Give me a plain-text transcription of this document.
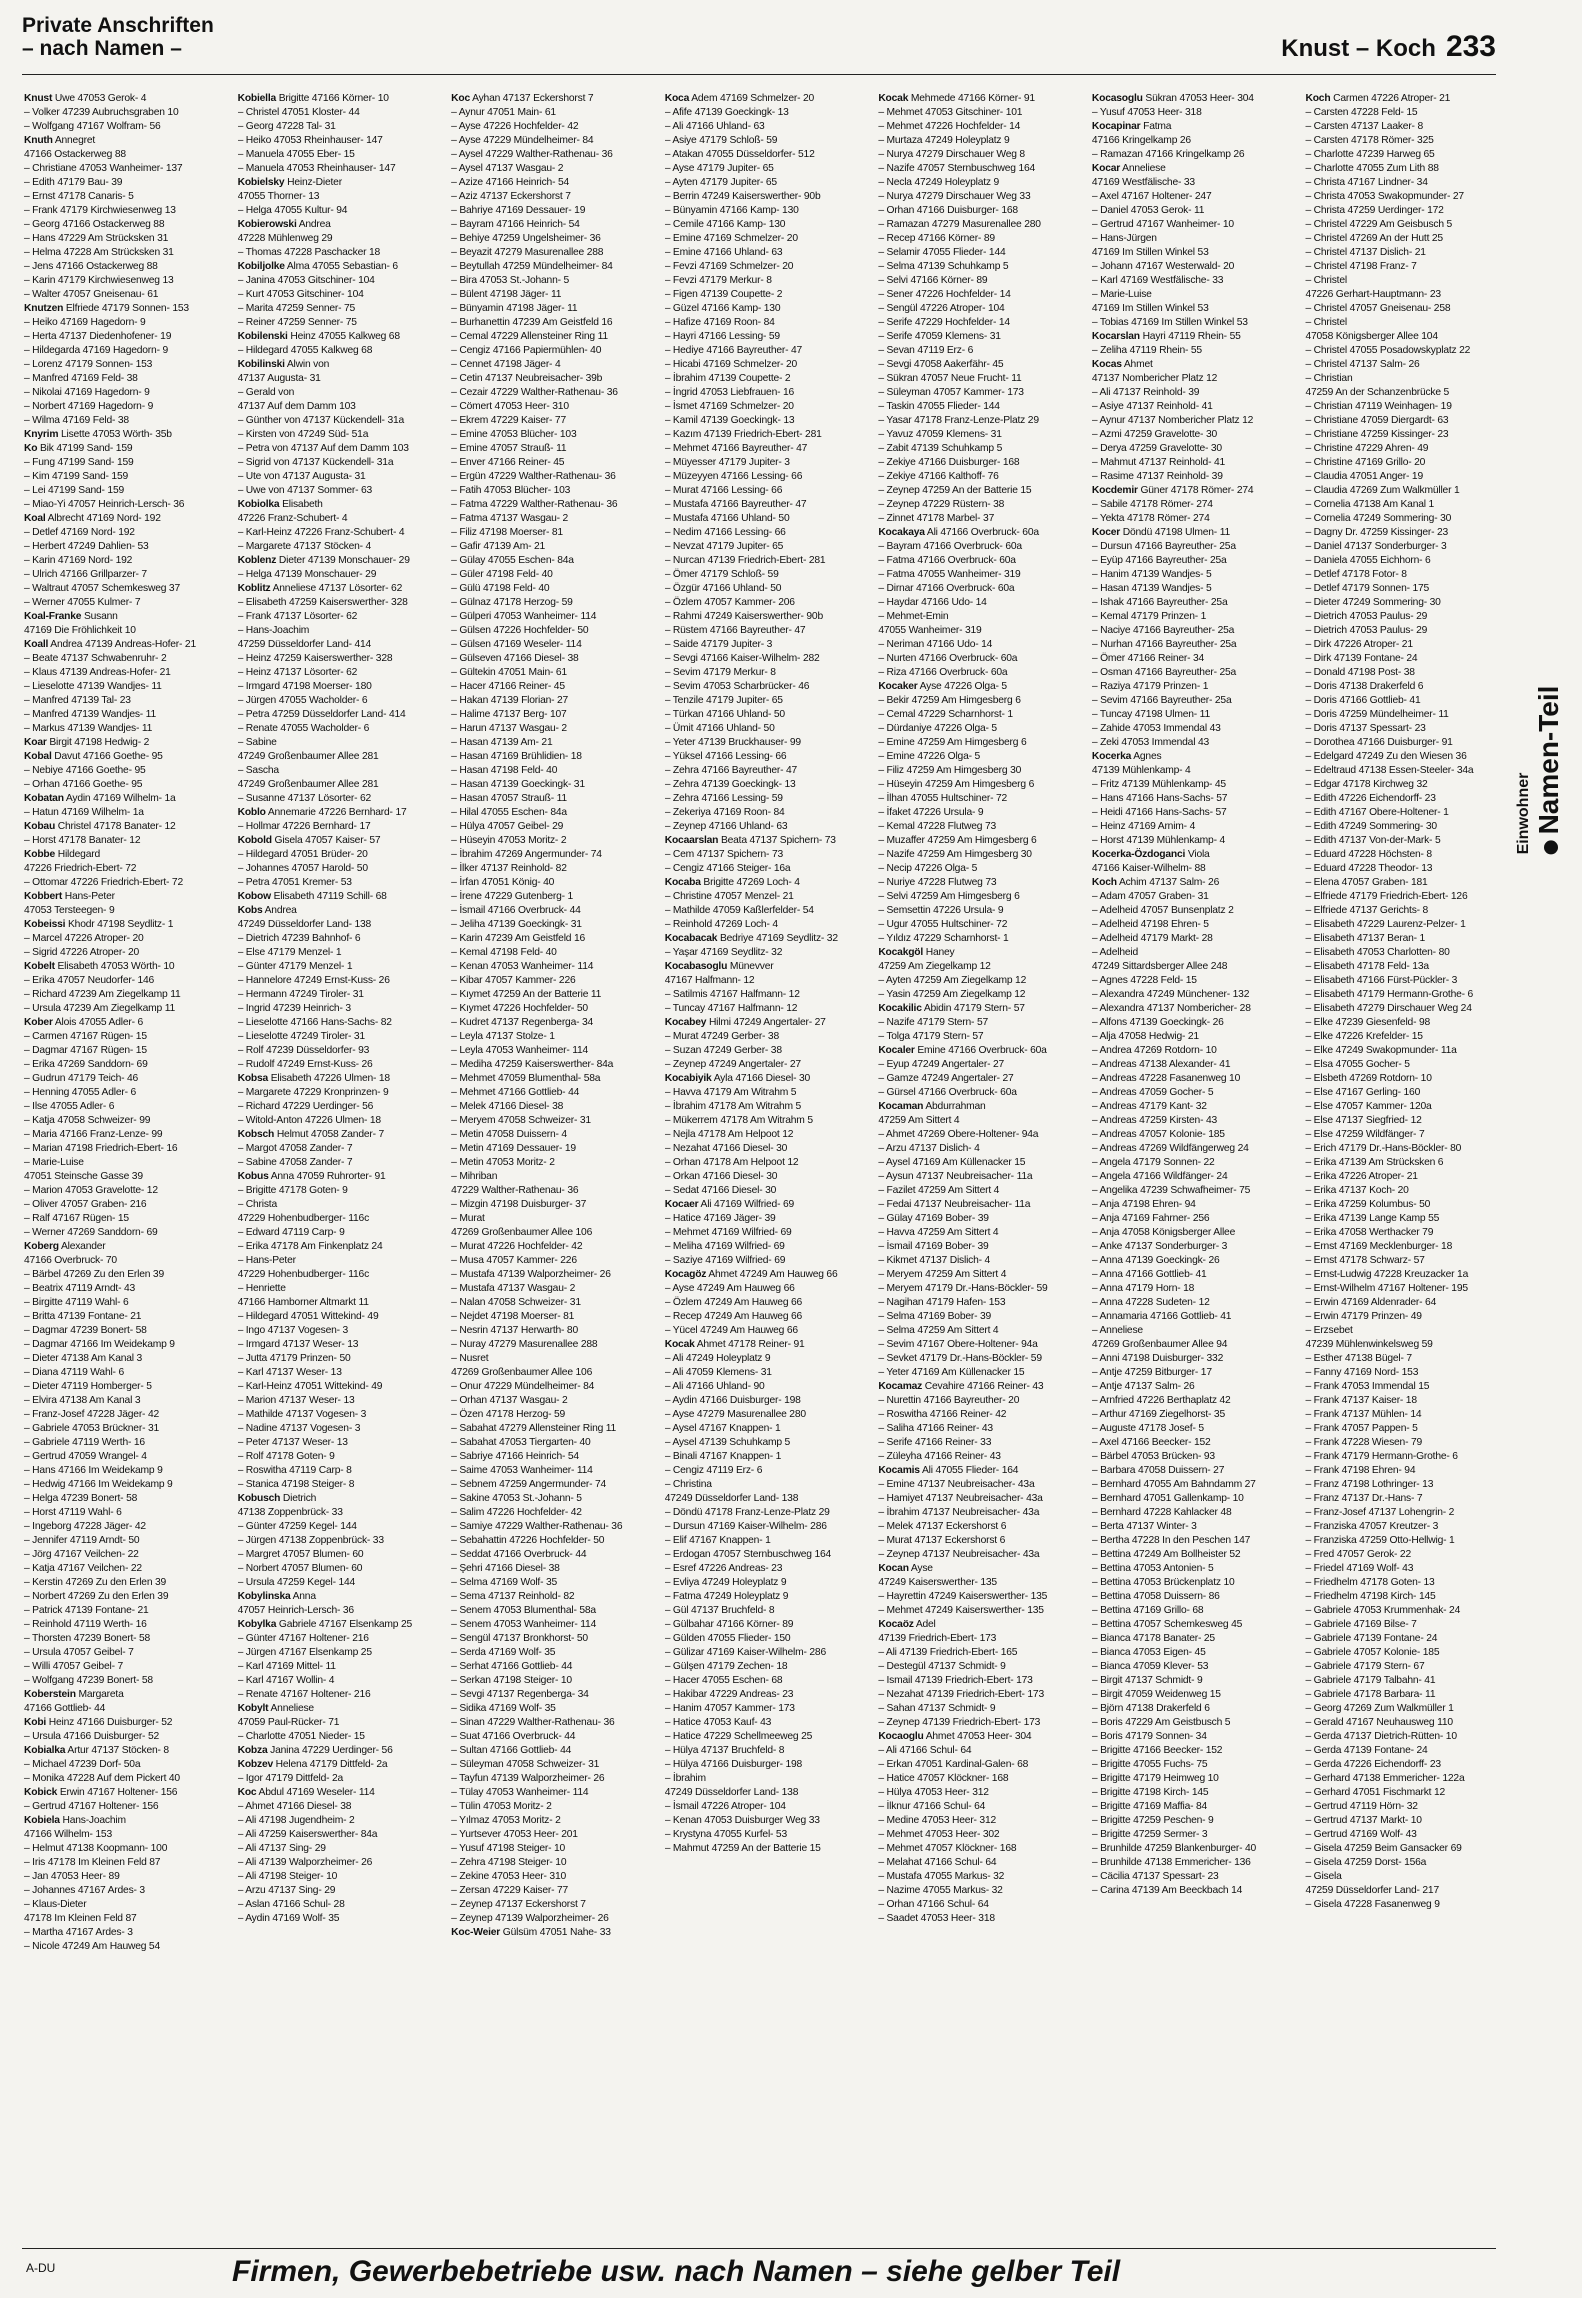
Private Anschriften
– nach Namen –	Knust – Koch 233
Knust Uwe 47053 Gerok- 4
– Volker 47239 Aubruchsgraben 10
– Wolfgang 47167 Wolfram- 56
Knuth Annegret
47166 Ostackerweg 88
– Christiane 47053 Wanheimer- 137
– Edith 47179 Bau- 39
– Ernst 47178 Canaris- 5
– Frank 47179 Kirchwiesenweg 13
– Georg 47166 Ostackerweg 88
– Hans 47229 Am Strücksken 31
– Helma 47228 Am Strücksken 31
– Jens 47166 Ostackerweg 88
– Karin 47179 Kirchwiesenweg 13
– Walter 47057 Gneisenau- 61
Knutzen Elfriede 47179 Sonnen- 153
– Heiko 47169 Hagedorn- 9
– Herta 47137 Diedenhofener- 19
– Hildegarda 47169 Hagedorn- 9
– Lorenz 47179 Sonnen- 153
– Manfred 47169 Feld- 38
– Nikolai 47169 Hagedorn- 9
– Norbert 47169 Hagedorn- 9
– Wilma 47169 Feld- 38
Knyrim Lisette 47053 Wörth- 35b
Ko Bik 47199 Sand- 159
– Fung 47199 Sand- 159
– Kim 47199 Sand- 159
– Lei 47199 Sand- 159
– Miao-Yi 47057 Heinrich-Lersch- 36
Koal Albrecht 47169 Nord- 192
– Detlef 47169 Nord- 192
– Herbert 47249 Dahlien- 53
– Karin 47169 Nord- 192
– Ulrich 47166 Grillparzer- 7
– Waltraut 47057 Schemkesweg 37
– Werner 47055 Kulmer- 7
Koal-Franke Susann
47169 Die Fröhlichkeit 10
Koall Andrea 47139 Andreas-Hofer- 21
– Beate 47137 Schwabenruhr- 2
– Klaus 47139 Andreas-Hofer- 21
– Lieselotte 47139 Wandjes- 11
– Manfred 47139 Tal- 23
– Manfred 47139 Wandjes- 11
– Markus 47139 Wandjes- 11
Koar Birgit 47198 Hedwig- 2
Kobal Davut 47166 Goethe- 95
– Nebiye 47166 Goethe- 95
– Orhan 47166 Goethe- 95
Kobatan Aydin 47169 Wilhelm- 1a
– Hatun 47169 Wilhelm- 1a
Kobau Christel 47178 Banater- 12
– Horst 47178 Banater- 12
Kobbe Hildegard
47226 Friedrich-Ebert- 72
– Ottomar 47226 Friedrich-Ebert- 72
Kobbert Hans-Peter
47053 Tersteegen- 9
Kobeissi Khodr 47198 Seydlitz- 1
– Marcel 47226 Atroper- 20
– Sigrid 47226 Atroper- 20
Kobelt Elisabeth 47053 Wörth- 10
– Erika 47057 Neudorfer- 146
– Richard 47239 Am Ziegelkamp 11
– Ursula 47239 Am Ziegelkamp 11
Kober Alois 47055 Adler- 6
– Carmen 47167 Rügen- 15
– Dagmar 47167 Rügen- 15
– Erika 47269 Sanddorn- 69
– Gudrun 47179 Teich- 46
– Henning 47055 Adler- 6
– Ilse 47055 Adler- 6
– Katja 47058 Schweizer- 99
– Maria 47166 Franz-Lenze- 99
– Marian 47198 Friedrich-Ebert- 16
– Marie-Luise
47051 Steinsche Gasse 39
– Marion 47053 Gravelotte- 12
– Oliver 47057 Graben- 216
– Ralf 47167 Rügen- 15
– Werner 47269 Sanddorn- 69
Koberg Alexander
47166 Overbruck- 70
– Bärbel 47269 Zu den Erlen 39
– Beatrix 47119 Arndt- 43
– Birgitte 47119 Wahl- 6
– Britta 47139 Fontane- 21
– Dagmar 47239 Bonert- 58
– Dagmar 47166 Im Weidekamp 9
– Dieter 47138 Am Kanal 3
– Diana 47119 Wahl- 6
– Dieter 47119 Homberger- 5
– Elvira 47138 Am Kanal 3
– Franz-Josef 47228 Jäger- 42
– Gabriele 47053 Brückner- 31
– Gabriele 47119 Werth- 16
– Gertrud 47059 Wrangel- 4
– Hans 47166 Im Weidekamp 9
– Hedwig 47166 Im Weidekamp 9
– Helga 47239 Bonert- 58
– Horst 47119 Wahl- 6
– Ingeborg 47228 Jäger- 42
– Jennifer 47119 Arndt- 50
– Jörg 47167 Veilchen- 22
– Katja 47167 Veilchen- 22
– Kerstin 47269 Zu den Erlen 39
– Norbert 47269 Zu den Erlen 39
– Patrick 47139 Fontane- 21
– Reinhold 47119 Werth- 16
– Thorsten 47239 Bonert- 58
– Ursula 47057 Geibel- 7
– Willi 47057 Geibel- 7
– Wolfgang 47239 Bonert- 58
Koberstein Margareta
47166 Gottlieb- 44
Kobi Heinz 47166 Duisburger- 52
– Ursula 47166 Duisburger- 52
Kobialka Artur 47137 Stöcken- 8
– Michael 47239 Dorf- 50a
– Monika 47228 Auf dem Pickert 40
Kobick Erwin 47167 Holtener- 156
– Gertrud 47167 Holtener- 156
Kobiela Hans-Joachim
47166 Wilhelm- 153
– Helmut 47138 Koopmann- 100
– Iris 47178 Im Kleinen Feld 87
– Jan 47053 Heer- 89
– Johannes 47167 Ardes- 3
– Klaus-Dieter
47178 Im Kleinen Feld 87
– Martha 47167 Ardes- 3
– Nicole 47249 Am Hauweg 54
Kobiella Brigitte 47166 Körner- 10
– Christel 47051 Kloster- 44
– Georg 47228 Tal- 31
– Heiko 47053 Rheinhauser- 147
– Manuela 47055 Eber- 15
– Manuela 47053 Rheinhauser- 147
Kobielsky Heinz-Dieter
47055 Thorner- 13
– Helga 47055 Kultur- 94
Kobierowski Andrea
47228 Mühlenweg 29
– Thomas 47228 Paschacker 18
Kobiljolke Alma 47055 Sebastian- 6
– Janina 47053 Gitschiner- 104
– Kurt 47053 Gitschiner- 104
– Marita 47259 Senner- 75
– Reiner 47259 Senner- 75
Kobilenski Heinz 47055 Kalkweg 68
– Hildegard 47055 Kalkweg 68
Kobilinski Alwin von
47137 Augusta- 31
– Gerald von
47137 Auf dem Damm 103
– Günther von 47137 Kückendell- 31a
– Kirsten von 47249 Süd- 51a
– Petra von 47137 Auf dem Damm 103
– Sigrid von 47137 Kückendell- 31a
– Ute von 47137 Augusta- 31
– Uwe von 47137 Sommer- 63
Kobiolka Elisabeth
47226 Franz-Schubert- 4
– Karl-Heinz 47226 Franz-Schubert- 4
– Margarete 47137 Stöcken- 4
Koblenz Dieter 47139 Monschauer- 29
– Helga 47139 Monschauer- 29
Koblitz Anneliese 47137 Lösorter- 62
– Elisabeth 47259 Kaiserswerther- 328
– Frank 47137 Lösorter- 62
– Hans-Joachim
47259 Düsseldorfer Land- 414
– Heinz 47259 Kaiserswerther- 328
– Heinz 47137 Lösorter- 62
– Irmgard 47198 Moerser- 180
– Jürgen 47055 Wacholder- 6
– Petra 47259 Düsseldorfer Land- 414
– Renate 47055 Wacholder- 6
– Sabine
47249 Großenbaumer Allee 281
– Sascha
47249 Großenbaumer Allee 281
– Susanne 47137 Lösorter- 62
Koblo Annemarie 47226 Bernhard- 17
– Hollmar 47226 Bernhard- 17
Kobold Gisela 47057 Kaiser- 57
– Hildegard 47051 Brüder- 20
– Johannes 47057 Harold- 50
– Petra 47051 Kremer- 53
Kobow Elisabeth 47119 Schill- 68
Kobs Andrea
47249 Düsseldorfer Land- 138
– Dietrich 47239 Bahnhof- 6
– Else 47179 Menzel- 1
– Günter 47179 Menzel- 1
– Hannelore 47249 Ernst-Kuss- 26
– Hermann 47249 Tiroler- 31
– Ingrid 47239 Heinrich- 3
– Lieselotte 47166 Hans-Sachs- 82
– Lieselotte 47249 Tiroler- 31
– Rolf 47239 Düsseldorfer- 93
– Rudolf 47249 Ernst-Kuss- 26
Kobsa Elisabeth 47226 Ulmen- 18
– Margarete 47229 Kronprinzen- 9
– Richard 47229 Uerdinger- 56
– Witold-Anton 47226 Ulmen- 18
Kobsch Helmut 47058 Zander- 7
– Margot 47058 Zander- 7
– Sabine 47058 Zander- 7
Kobus Anna 47059 Ruhrorter- 91
– Brigitte 47178 Goten- 9
– Christa
47229 Hohenbudberger- 116c
– Edward 47119 Carp- 9
– Erika 47178 Am Finkenplatz 24
– Hans-Peter
47229 Hohenbudberger- 116c
– Henriette
47166 Hamborner Altmarkt 11
– Hildegard 47051 Wittekind- 49
– Ingo 47137 Vogesen- 3
– Irmgard 47137 Weser- 13
– Jutta 47179 Prinzen- 50
– Karl 47137 Weser- 13
– Karl-Heinz 47051 Wittekind- 49
– Marion 47137 Weser- 13
– Mathilde 47137 Vogesen- 3
– Nadine 47137 Vogesen- 3
– Peter 47137 Weser- 13
– Rolf 47178 Goten- 9
– Roswitha 47119 Carp- 8
– Stanica 47198 Steiger- 8
Kobusch Dietrich
47138 Zoppenbrück- 33
– Günter 47259 Kegel- 144
– Jürgen 47138 Zoppenbrück- 33
– Margret 47057 Blumen- 60
– Norbert 47057 Blumen- 60
– Ursula 47259 Kegel- 144
Kobylinska Anna
47057 Heinrich-Lersch- 36
Kobylka Gabriele 47167 Elsenkamp 25
– Günter 47167 Holtener- 216
– Jürgen 47167 Elsenkamp 25
– Karl 47169 Mittel- 11
– Karl 47167 Wollin- 4
– Renate 47167 Holtener- 216
Kobylt Anneliese
47059 Paul-Rücker- 71
– Charlotte 47051 Nieder- 15
Kobza Janina 47229 Uerdinger- 56
Kobzev Helena 47179 Dittfeld- 2a
– Igor 47179 Dittfeld- 2a
Koc Abdul 47169 Weseler- 114
– Ahmet 47166 Diesel- 38
– Ali 47198 Jugendheim- 2
– Ali 47259 Kaiserswerther- 84a
– Ali 47137 Sing- 29
– Ali 47139 Walporzheimer- 26
– Ali 47198 Steiger- 10
– Arzu 47137 Sing- 29
– Aslan 47166 Schul- 28
– Aydin 47169 Wolf- 35
Koc Ayhan 47137 Eckershorst 7
– Aynur 47051 Main- 61
– Ayse 47226 Hochfelder- 42
– Ayse 47229 Mündelheimer- 84
– Aysel 47229 Walther-Rathenau- 36
– Aysel 47137 Wasgau- 2
– Azize 47166 Heinrich- 54
– Aziz 47137 Eckershorst 7
– Bahriye 47169 Dessauer- 19
– Bayram 47166 Heinrich- 54
– Behiye 47259 Ungelsheimer- 36
– Beyazit 47279 Masurenallee 288
– Beytullah 47259 Mündelheimer- 84
– Bira 47053 St.-Johann- 5
– Bülent 47198 Jäger- 11
– Bünyamin 47198 Jäger- 11
– Burhanettin 47239 Am Geistfeld 16
– Cemal 47229 Allensteiner Ring 11
– Cengiz 47166 Papiermühlen- 40
– Cennet 47198 Jäger- 4
– Cetin 47137 Neubreisacher- 39b
– Cezair 47229 Walther-Rathenau- 36
– Cömert 47053 Heer- 310
– Ekrem 47229 Kaiser- 77
– Emine 47053 Blücher- 103
– Emine 47057 Strauß- 11
– Enver 47166 Reiner- 45
– Ergün 47229 Walther-Rathenau- 36
– Fatih 47053 Blücher- 103
– Fatma 47229 Walther-Rathenau- 36
– Fatma 47137 Wasgau- 2
– Filiz 47198 Moerser- 81
– Gafir 47139 Am- 21
– Gülay 47055 Eschen- 84a
– Güler 47198 Feld- 40
– Gülü 47198 Feld- 40
– Gülnaz 47178 Herzog- 59
– Gülperi 47053 Wanheimer- 114
– Gülsen 47226 Hochfelder- 50
– Gülsen 47169 Weseler- 114
– Gülseven 47166 Diesel- 38
– Gültekin 47051 Main- 61
– Hacer 47166 Reiner- 45
– Hakan 47139 Florian- 27
– Halime 47137 Berg- 107
– Harun 47137 Wasgau- 2
– Hasan 47139 Am- 21
– Hasan 47169 Brühlidien- 18
– Hasan 47198 Feld- 40
– Hasan 47139 Goeckingk- 31
– Hasan 47057 Strauß- 11
– Hilal 47055 Eschen- 84a
– Hülya 47057 Geibel- 29
– Hüseyin 47053 Moritz- 2
– İbrahim 47269 Angermunder- 74
– İlker 47137 Reinhold- 82
– İrfan 47051 König- 40
– İrene 47229 Gutenberg- 1
– İsmail 47166 Overbruck- 44
– Jeliha 47139 Goeckingk- 31
– Karin 47239 Am Geistfeld 16
– Kemal 47198 Feld- 40
– Kenan 47053 Wanheimer- 114
– Kibar 47057 Kammer- 226
– Kıymet 47259 An der Batterie 11
– Kıymet 47226 Hochfelder- 50
– Kudret 47137 Regenberga- 34
– Leyla 47137 Stolze- 1
– Leyla 47053 Wanheimer- 114
– Mediha 47259 Kaiserswerther- 84a
– Mehmet 47059 Blumenthal- 58a
– Mehmet 47166 Gottlieb- 44
– Melek 47166 Diesel- 38
– Meryem 47058 Schweizer- 31
– Metin 47058 Duissern- 4
– Metin 47169 Dessauer- 19
– Metin 47053 Moritz- 2
– Mihriban
47229 Walther-Rathenau- 36
– Mizgin 47198 Duisburger- 37
– Murat
47269 Großenbaumer Allee 106
– Murat 47226 Hochfelder- 42
– Musa 47057 Kammer- 226
– Mustafa 47139 Walporzheimer- 26
– Mustafa 47137 Wasgau- 2
– Nalan 47058 Schweizer- 31
– Nejdet 47198 Moerser- 81
– Nesrin 47137 Herwarth- 80
– Nuray 47279 Masurenallee 288
– Nusret
47269 Großenbaumer Allee 106
– Onur 47229 Mündelheimer- 84
– Orhan 47137 Wasgau- 2
– Özen 47178 Herzog- 59
– Sabahat 47279 Allensteiner Ring 11
– Sabahat 47053 Tiergarten- 40
– Sabriye 47166 Heinrich- 54
– Saime 47053 Wanheimer- 114
– Sebnem 47259 Angermunder- 74
– Sakine 47053 St.-Johann- 5
– Salim 47226 Hochfelder- 42
– Samiye 47229 Walther-Rathenau- 36
– Sebahattin 47226 Hochfelder- 50
– Seddat 47166 Overbruck- 44
– Şehri 47166 Diesel- 38
– Selma 47169 Wolf- 35
– Sema 47137 Reinhold- 82
– Senem 47053 Blumenthal- 58a
– Senem 47053 Wanheimer- 114
– Sengül 47137 Bronkhorst- 50
– Serda 47169 Wolf- 35
– Serhat 47166 Gottlieb- 44
– Serkan 47198 Steiger- 10
– Sevgi 47137 Regenberga- 34
– Sidika 47169 Wolf- 35
– Sinan 47229 Walther-Rathenau- 36
– Suat 47166 Overbruck- 44
– Sultan 47166 Gottlieb- 44
– Süleyman 47058 Schweizer- 31
– Tayfun 47139 Walporzheimer- 26
– Tülay 47053 Wanheimer- 114
– Tülin 47053 Moritz- 2
– Yılmaz 47053 Moritz- 2
– Yurtsever 47053 Heer- 201
– Yusuf 47198 Steiger- 10
– Zehra 47198 Steiger- 10
– Zekine 47053 Heer- 310
– Zersan 47229 Kaiser- 77
– Zeynep 47137 Eckershorst 7
– Zeynep 47139 Walporzheimer- 26
Koc-Weier Gülsüm 47051 Nahe- 33
Koca Adem 47169 Schmelzer- 20
– Afife 47139 Goeckingk- 13
– Ali 47166 Uhland- 63
– Asiye 47179 Schloß- 59
– Atakan 47055 Düsseldorfer- 512
– Ayse 47179 Jupiter- 65
– Ayten 47179 Jupiter- 65
– Berrin 47249 Kaiserswerther- 90b
– Bünyamin 47166 Kamp- 130
– Cemile 47166 Kamp- 130
– Emine 47169 Schmelzer- 20
– Emine 47166 Uhland- 63
– Fevzi 47169 Schmelzer- 20
– Fevzi 47179 Merkur- 8
– Figen 47139 Coupette- 2
– Güzel 47166 Kamp- 130
– Hafize 47169 Roon- 84
– Hayri 47166 Lessing- 59
– Hediye 47166 Bayreuther- 47
– Hicabi 47169 Schmelzer- 20
– İbrahim 47139 Coupette- 2
– İngrid 47053 Liebfrauen- 16
– İsmet 47169 Schmelzer- 20
– Kamil 47139 Goeckingk- 13
– Kazım 47139 Friedrich-Ebert- 281
– Mehmet 47166 Bayreuther- 47
– Müyesser 47179 Jupiter- 3
– Müzeyyen 47166 Lessing- 66
– Murat 47166 Lessing- 66
– Mustafa 47166 Bayreuther- 47
– Mustafa 47166 Uhland- 50
– Nedim 47166 Lessing- 66
– Nevzat 47179 Jupiter- 65
– Nurcan 47139 Friedrich-Ebert- 281
– Ömer 47179 Schloß- 59
– Özgür 47166 Uhland- 50
– Özlem 47057 Kammer- 206
– Rahmi 47249 Kaiserswerther- 90b
– Rüstem 47166 Bayreuther- 47
– Saide 47179 Jupiter- 3
– Sevgi 47166 Kaiser-Wilhelm- 282
– Sevim 47179 Merkur- 8
– Sevim 47053 Scharbrücker- 46
– Tenzile 47179 Jupiter- 65
– Türkan 47166 Uhland- 50
– Ümit 47166 Uhland- 50
– Yeter 47139 Bruckhauser- 99
– Yüksel 47166 Lessing- 66
– Zehra 47166 Bayreuther- 47
– Zehra 47139 Goeckingk- 13
– Zehra 47166 Lessing- 59
– Zekeriya 47169 Roon- 84
– Zeynep 47166 Uhland- 63
Kocaarslan Beata 47137 Spichern- 73
– Cem 47137 Spichern- 73
– Cengiz 47166 Steiger- 16a
Kocaba Brigitte 47269 Loch- 4
– Christine 47057 Menzel- 21
– Mathilde 47059 Kaßlerfelder- 54
– Reinhold 47269 Loch- 4
Kocabacak Bedriye 47169 Seydlitz- 32
– Yaşar 47169 Seydlitz- 32
Kocabasoglu Münevver
47167 Halfmann- 12
– Satilmis 47167 Halfmann- 12
– Tuncay 47167 Halfmann- 12
Kocabey Hilmi 47249 Angertaler- 27
– Murat 47249 Gerber- 38
– Suzan 47249 Gerber- 38
– Zeynep 47249 Angertaler- 27
Kocabiyik Ayla 47166 Diesel- 30
– Havva 47179 Am Witrahm 5
– İbrahim 47178 Am Witrahm 5
– Mükerrem 47178 Am Witrahm 5
– Nejla 47178 Am Helpoot 12
– Nezahat 47166 Diesel- 30
– Orhan 47178 Am Helpoot 12
– Orkan 47166 Diesel- 30
– Sedat 47166 Diesel- 30
Kocaer Ali 47169 Wilfried- 69
– Hatice 47169 Jäger- 39
– Mehmet 47169 Wilfried- 69
– Meliha 47169 Wilfried- 69
– Saziye 47169 Wilfried- 69
Kocagöz Ahmet 47249 Am Hauweg 66
– Ayse 47249 Am Hauweg 66
– Özlem 47249 Am Hauweg 66
– Recep 47249 Am Hauweg 66
– Yücel 47249 Am Hauweg 66
Kocak Ahmet 47178 Reiner- 91
– Ali 47249 Holeyplatz 9
– Ali 47059 Klemens- 31
– Ali 47166 Uhland- 90
– Aydin 47166 Duisburger- 198
– Ayse 47279 Masurenallee 280
– Aysel 47167 Knappen- 1
– Aysel 47139 Schuhkamp 5
– Binali 47167 Knappen- 1
– Cengiz 47119 Erz- 6
– Christina
47249 Düsseldorfer Land- 138
– Döndü 47178 Franz-Lenze-Platz 29
– Dursun 47169 Kaiser-Wilhelm- 286
– Elif 47167 Knappen- 1
– Erdogan 47057 Sternbuschweg 164
– Esref 47226 Andreas- 23
– Evliya 47249 Holeyplatz 9
– Fatma 47249 Holeyplatz 9
– Gül 47137 Bruchfeld- 8
– Gülbahar 47166 Körner- 89
– Gülden 47055 Flieder- 150
– Gülizar 47169 Kaiser-Wilhelm- 286
– Gülşen 47179 Zechen- 18
– Hacer 47055 Eschen- 68
– Hakibar 47229 Andreas- 23
– Hanim 47057 Kammer- 173
– Hatice 47053 Kauf- 43
– Hatice 47229 Schellmeeweg 25
– Hülya 47137 Bruchfeld- 8
– Hülya 47166 Duisburger- 198
– İbrahim
47249 Düsseldorfer Land- 138
– İsmail 47226 Atroper- 104
– Kenan 47053 Duisburger Weg 33
– Krystyna 47055 Kurfel- 53
– Mahmut 47259 An der Batterie 15
Kocak Mehmede 47166 Körner- 91
– Mehmet 47053 Gitschiner- 101
– Mehmet 47226 Hochfelder- 14
– Murtaza 47249 Holeyplatz 9
– Nurya 47279 Dirschauer Weg 8
– Nazife 47057 Sternbuschweg 164
– Necla 47249 Holeyplatz 9
– Nurya 47279 Dirschauer Weg 33
– Orhan 47166 Duisburger- 168
– Ramazan 47279 Masurenallee 280
– Recep 47166 Körner- 89
– Selamir 47055 Flieder- 144
– Selma 47139 Schuhkamp 5
– Selvi 47166 Körner- 89
– Sener 47226 Hochfelder- 14
– Sengül 47226 Atroper- 104
– Serife 47229 Hochfelder- 14
– Serife 47059 Klemens- 31
– Sevan 47119 Erz- 6
– Sevgi 47058 Aakerfähr- 45
– Sükran 47057 Neue Frucht- 11
– Süleyman 47057 Kammer- 173
– Taskin 47055 Flieder- 144
– Yasar 47178 Franz-Lenze-Platz 29
– Yavuz 47059 Klemens- 31
– Zabit 47139 Schuhkamp 5
– Zekiye 47166 Duisburger- 168
– Zekiye 47166 Kalthoff- 76
– Zeynep 47259 An der Batterie 15
– Zeynep 47229 Rüstern- 38
– Zinnet 47178 Marbel- 37
Kocakaya Ali 47166 Overbruck- 60a
– Bayram 47166 Overbruck- 60a
– Fatma 47166 Overbruck- 60a
– Fatma 47055 Wanheimer- 319
– Dirnar 47166 Overbruck- 60a
– Haydar 47166 Udo- 14
– Mehmet-Emin
47055 Wanheimer- 319
– Neriman 47166 Udo- 14
– Nurten 47166 Overbruck- 60a
– Riza 47166 Overbruck- 60a
Kocaker Ayse 47226 Olga- 5
– Bekir 47259 Am Himgesberg 6
– Cemal 47229 Scharnhorst- 1
– Dürdaniye 47226 Olga- 5
– Emine 47259 Am Himgesberg 6
– Emine 47226 Olga- 5
– Filiz 47259 Am Himgesberg 30
– Hüseyin 47259 Am Himgesberg 6
– İlhan 47055 Hultschiner- 72
– İfaket 47226 Ursula- 9
– Kemal 47228 Flutweg 73
– Muzaffer 47259 Am Himgesberg 6
– Nazife 47259 Am Himgesberg 30
– Necip 47226 Olga- 5
– Nuriye 47228 Flutweg 73
– Selvi 47259 Am Himgesberg 6
– Semsettin 47226 Ursula- 9
– Ugur 47055 Hultschiner- 72
– Yıldız 47229 Scharnhorst- 1
Kocakgöl Haney
47259 Am Ziegelkamp 12
– Ayten 47259 Am Ziegelkamp 12
– Yasin 47259 Am Ziegelkamp 12
Kocakilic Abidin 47179 Stern- 57
– Nazife 47179 Stern- 57
– Tolga 47179 Stern- 57
Kocaler Emine 47166 Overbruck- 60a
– Eyup 47249 Angertaler- 27
– Gamze 47249 Angertaler- 27
– Gürsel 47166 Overbruck- 60a
Kocaman Abdurrahman
47259 Am Sittert 4
– Ahmet 47269 Obere-Holtener- 94a
– Arzu 47137 Dislich- 4
– Aysel 47169 Am Küllenacker 15
– Aysun 47137 Neubreisacher- 11a
– Fazilet 47259 Am Sittert 4
– Fedai 47137 Neubreisacher- 11a
– Gülay 47169 Bober- 39
– Havva 47259 Am Sittert 4
– İsmail 47169 Bober- 39
– Kikmet 47137 Dislich- 4
– Meryem 47259 Am Sittert 4
– Meryem 47179 Dr.-Hans-Böckler- 59
– Nagihan 47179 Hafen- 153
– Selma 47169 Bober- 39
– Selma 47259 Am Sittert 4
– Sevim 47167 Obere-Holtener- 94a
– Sevket 47179 Dr.-Hans-Böckler- 59
– Yeter 47169 Am Küllenacker 15
Kocamaz Cevahire 47166 Reiner- 43
– Nurettin 47166 Bayreuther- 20
– Roswitha 47166 Reiner- 42
– Saliha 47166 Reiner- 43
– Serife 47166 Reiner- 33
– Züleyha 47166 Reiner- 43
Kocamis Ali 47055 Flieder- 164
– Emine 47137 Neubreisacher- 43a
– Hamiyet 47137 Neubreisacher- 43a
– İbrahim 47137 Neubreisacher- 43a
– Melek 47137 Eckershorst 6
– Murat 47137 Eckershorst 6
– Zeynep 47137 Neubreisacher- 43a
Kocan Ayse
47249 Kaiserswerther- 135
– Hayrettin 47249 Kaiserswerther- 135
– Mehmet 47249 Kaiserswerther- 135
Kocaöz Adel
47139 Friedrich-Ebert- 173
– Ali 47139 Friedrich-Ebert- 165
– Destegül 47137 Schmidt- 9
– Ismail 47139 Friedrich-Ebert- 173
– Nezahat 47139 Friedrich-Ebert- 173
– Sahan 47137 Schmidt- 9
– Zeynep 47139 Friedrich-Ebert- 173
Kocaoglu Ahmet 47053 Heer- 304
– Ali 47166 Schul- 64
– Erkan 47051 Kardinal-Galen- 68
– Hatice 47057 Klöckner- 168
– Hülya 47053 Heer- 312
– İlknur 47166 Schul- 64
– Medine 47053 Heer- 312
– Mehmet 47053 Heer- 302
– Mehmet 47057 Klöckner- 168
– Melahat 47166 Schul- 64
– Mustafa 47055 Markus- 32
– Nazime 47055 Markus- 32
– Orhan 47166 Schul- 64
– Saadet 47053 Heer- 318
Kocasoglu Sükran 47053 Heer- 304
– Yusuf 47053 Heer- 318
Kocapinar Fatma
47166 Kringelkamp 26
– Ramazan 47166 Kringelkamp 26
Kocar Anneliese
47169 Westfälische- 33
– Axel 47167 Holtener- 247
– Daniel 47053 Gerok- 11
– Gertrud 47167 Wanheimer- 10
– Hans-Jürgen
47169 Im Stillen Winkel 53
– Johann 47167 Westerwald- 20
– Karl 47169 Westfälische- 33
– Marie-Luise
47169 Im Stillen Winkel 53
– Tobias 47169 Im Stillen Winkel 53
Kocarslan Hayri 47119 Rhein- 55
– Zeliha 47119 Rhein- 55
Kocas Ahmet
47137 Nombericher Platz 12
– Ali 47137 Reinhold- 39
– Asiye 47137 Reinhold- 41
– Aynur 47137 Nombericher Platz 12
– Azmi 47259 Gravelotte- 30
– Derya 47259 Gravelotte- 30
– Mahmut 47137 Reinhold- 41
– Rasime 47137 Reinhold- 39
Kocdemir Güner 47178 Römer- 274
– Sabile 47178 Römer- 274
– Yekta 47178 Römer- 274
Kocer Döndü 47198 Ulmen- 11
– Dursun 47166 Bayreuther- 25a
– Eyüp 47166 Bayreuther- 25a
– Hanim 47139 Wandjes- 5
– Hasan 47139 Wandjes- 5
– Ishak 47166 Bayreuther- 25a
– Kemal 47179 Prinzen- 1
– Naciye 47166 Bayreuther- 25a
– Nurhan 47166 Bayreuther- 25a
– Ömer 47166 Reiner- 34
– Osman 47166 Bayreuther- 25a
– Raziya 47179 Prinzen- 1
– Sevim 47166 Bayreuther- 25a
– Tuncay 47198 Ulmen- 11
– Zahide 47053 Immendal 43
– Zeki 47053 Immendal 43
Kocerka Agnes
47139 Mühlenkamp- 4
– Fritz 47139 Mühlenkamp- 45
– Hans 47166 Hans-Sachs- 57
– Heidi 47166 Hans-Sachs- 57
– Heinz 47169 Arnim- 4
– Horst 47139 Mühlenkamp- 4
Kocerka-Özdoganci Viola
47166 Kaiser-Wilhelm- 88
Koch Achim 47137 Salm- 26
– Adam 47057 Graben- 31
– Adelheid 47057 Bunsenplatz 2
– Adelheid 47198 Ehren- 5
– Adelheid 47179 Markt- 28
– Adelheid
47249 Sittardsberger Allee 248
– Agnes 47228 Feld- 15
– Alexandra 47249 Münchener- 132
– Alexandra 47137 Nombericher- 28
– Alfons 47139 Goeckingk- 26
– Alja 47058 Hedwig- 21
– Andrea 47269 Rotdorn- 10
– Andreas 47138 Alexander- 41
– Andreas 47228 Fasanenweg 10
– Andreas 47059 Gocher- 5
– Andreas 47179 Kant- 32
– Andreas 47259 Kirsten- 43
– Andreas 47057 Kolonie- 185
– Andreas 47269 Wildfängerweg 24
– Angela 47179 Sonnen- 22
– Angela 47166 Wildfänger- 24
– Angelika 47239 Schwafheimer- 75
– Anja 47198 Ehren- 94
– Anja 47169 Fahrner- 256
– Anja 47058 Königsberger Allee
– Anke 47137 Sonderburger- 3
– Anna 47139 Goeckingk- 26
– Anna 47166 Gottlieb- 41
– Anna 47179 Horn- 18
– Anna 47228 Sudeten- 12
– Annamaria 47166 Gottlieb- 41
– Anneliese
47269 Großenbaumer Allee 94
– Anni 47198 Duisburger- 332
– Antje 47259 Bitburger- 17
– Antje 47137 Salm- 26
– Arnfried 47226 Berthaplatz 42
– Arthur 47169 Ziegelhorst- 35
– Auguste 47178 Josef- 5
– Axel 47166 Beecker- 152
– Bärbel 47053 Brücken- 93
– Barbara 47058 Duissern- 27
– Bernhard 47055 Am Bahndamm 27
– Bernhard 47051 Gallenkamp- 10
– Bernhard 47228 Kahlacker 48
– Berta 47137 Winter- 3
– Bertha 47228 In den Peschen 147
– Bettina 47249 Am Bollheister 52
– Bettina 47053 Antonien- 5
– Bettina 47053 Brückenplatz 10
– Bettina 47058 Duissern- 86
– Bettina 47169 Grillo- 68
– Bettina 47057 Schemkesweg 45
– Bianca 47178 Banater- 25
– Bianca 47053 Eigen- 45
– Bianca 47059 Klever- 53
– Birgit 47137 Schmidt- 9
– Birgit 47059 Weidenweg 15
– Björn 47138 Drakerfeld 6
– Boris 47229 Am Geistbusch 5
– Boris 47179 Sonnen- 34
– Brigitte 47166 Beecker- 152
– Brigitte 47055 Fuchs- 75
– Brigitte 47179 Heimweg 10
– Brigitte 47198 Kirch- 145
– Brigitte 47169 Maffia- 84
– Brigitte 47259 Peschen- 9
– Brigitte 47259 Sermer- 3
– Brunhilde 47259 Blankenburger- 40
– Brunhilde 47138 Emmericher- 136
– Cäcilia 47137 Spessart- 23
– Carina 47139 Am Beeckbach 14
Koch Carmen 47226 Atroper- 21
– Carsten 47228 Feld- 15
– Carsten 47137 Laaker- 8
– Carsten 47178 Römer- 325
– Charlotte 47239 Harweg 65
– Charlotte 47055 Zum Lith 88
– Christa 47167 Lindner- 34
– Christa 47053 Swakopmunder- 27
– Christa 47259 Uerdinger- 172
– Christel 47229 Am Geisbusch 5
– Christel 47269 An der Hutt 25
– Christel 47137 Dislich- 21
– Christel 47198 Franz- 7
– Christel
47226 Gerhart-Hauptmann- 23
– Christel 47057 Gneisenau- 258
– Christel
47058 Königsberger Allee 104
– Christel 47055 Posadowskyplatz 22
– Christel 47137 Salm- 26
– Christian
47259 An der Schanzenbrücke 5
– Christian 47119 Weinhagen- 19
– Christiane 47059 Diergardt- 63
– Christiane 47259 Kissinger- 23
– Christine 47229 Ahren- 49
– Christine 47169 Grillo- 20
– Claudia 47051 Anger- 19
– Claudia 47269 Zum Walkmüller 1
– Cornelia 47138 Am Kanal 1
– Cornelia 47249 Sommering- 30
– Dagny Dr. 47259 Kissinger- 23
– Daniel 47137 Sonderburger- 3
– Daniela 47055 Eichhorn- 6
– Detlef 47178 Fotor- 8
– Detlef 47179 Sonnen- 175
– Dieter 47249 Sommering- 30
– Dietrich 47053 Paulus- 29
– Dietrich 47053 Paulus- 29
– Dirk 47226 Atroper- 21
– Dirk 47139 Fontane- 24
– Donald 47198 Post- 38
– Doris 47138 Drakerfeld 6
– Doris 47166 Gottlieb- 41
– Doris 47259 Mündelheimer- 11
– Doris 47137 Spessart- 23
– Dorothea 47166 Duisburger- 91
– Edelgard 47249 Zu den Wiesen 36
– Edeltraud 47138 Essen-Steeler- 34a
– Edgar 47178 Kirchweg 32
– Edith 47226 Eichendorff- 23
– Edith 47167 Obere-Holtener- 1
– Edith 47249 Sommering- 30
– Edith 47137 Von-der-Mark- 5
– Eduard 47228 Höchsten- 8
– Eduard 47228 Theodor- 13
– Elena 47057 Graben- 181
– Elfriede 47179 Friedrich-Ebert- 126
– Elfriede 47137 Gerichts- 8
– Elisabeth 47229 Laurenz-Pelzer- 1
– Elisabeth 47137 Beran- 1
– Elisabeth 47053 Charlotten- 80
– Elisabeth 47178 Feld- 13a
– Elisabeth 47166 Fürst-Pückler- 3
– Elisabeth 47179 Hermann-Grothe- 6
– Elisabeth 47279 Dirschauer Weg 24
– Elke 47239 Giesenfeld- 98
– Elke 47226 Krefelder- 15
– Elke 47249 Swakopmunder- 11a
– Elsa 47055 Gocher- 5
– Elsbeth 47269 Rotdorn- 10
– Else 47167 Gerling- 160
– Else 47057 Kammer- 120a
– Else 47137 Siegfried- 12
– Else 47259 Wildfänger- 7
– Erich 47179 Dr.-Hans-Böckler- 80
– Erika 47139 Am Strücksken 6
– Erika 47226 Atroper- 21
– Erika 47137 Koch- 20
– Erika 47259 Kolumbus- 50
– Erika 47139 Lange Kamp 55
– Erika 47058 Werthacker 79
– Ernst 47169 Mecklenburger- 18
– Ernst 47178 Schwarz- 57
– Ernst-Ludwig 47228 Kreuzacker 1a
– Ernst-Wilhelm 47167 Holtener- 195
– Erwin 47169 Aldenrader- 64
– Erwin 47179 Prinzen- 49
– Erzsebet
47239 Mühlenwinkelsweg 59
– Esther 47138 Bügel- 7
– Fanny 47169 Nord- 153
– Frank 47053 Immendal 15
– Frank 47137 Kaiser- 18
– Frank 47137 Mühlen- 14
– Frank 47057 Pappen- 5
– Frank 47228 Wiesen- 79
– Frank 47179 Hermann-Grothe- 6
– Frank 47198 Ehren- 94
– Franz 47198 Lothringer- 13
– Franz 47137 Dr.-Hans- 7
– Franz-Josef 47137 Lohengrin- 2
– Franziska 47057 Kreutzer- 3
– Franziska 47259 Otto-Hellwig- 1
– Fred 47057 Gerok- 22
– Friedel 47169 Wolf- 43
– Friedhelm 47178 Goten- 13
– Friedhelm 47198 Kirch- 145
– Gabriele 47053 Krummenhak- 24
– Gabriele 47169 Bilse- 7
– Gabriele 47139 Fontane- 24
– Gabriele 47057 Kolonie- 185
– Gabriele 47179 Stern- 67
– Gabriele 47179 Talbahn- 41
– Gabriele 47178 Barbara- 11
– Georg 47269 Zum Walkmüller 1
– Gerald 47167 Neuhausweg 110
– Gerda 47137 Dietrich-Rütten- 10
– Gerda 47139 Fontane- 24
– Gerda 47226 Eichendorff- 23
– Gerhard 47138 Emmericher- 122a
– Gerhard 47051 Fischmarkt 12
– Gertrud 47119 Hörn- 32
– Gertrud 47137 Markt- 10
– Gertrud 47169 Wolf- 43
– Gisela 47259 Beim Gansacker 69
– Gisela 47259 Dorst- 156a
– Gisela
47259 Düsseldorfer Land- 217
– Gisela 47228 Fasanenweg 9
Einwohner Namen-Teil
A-DU	Firmen, Gewerbebetriebe usw. nach Namen – siehe gelber Teil
